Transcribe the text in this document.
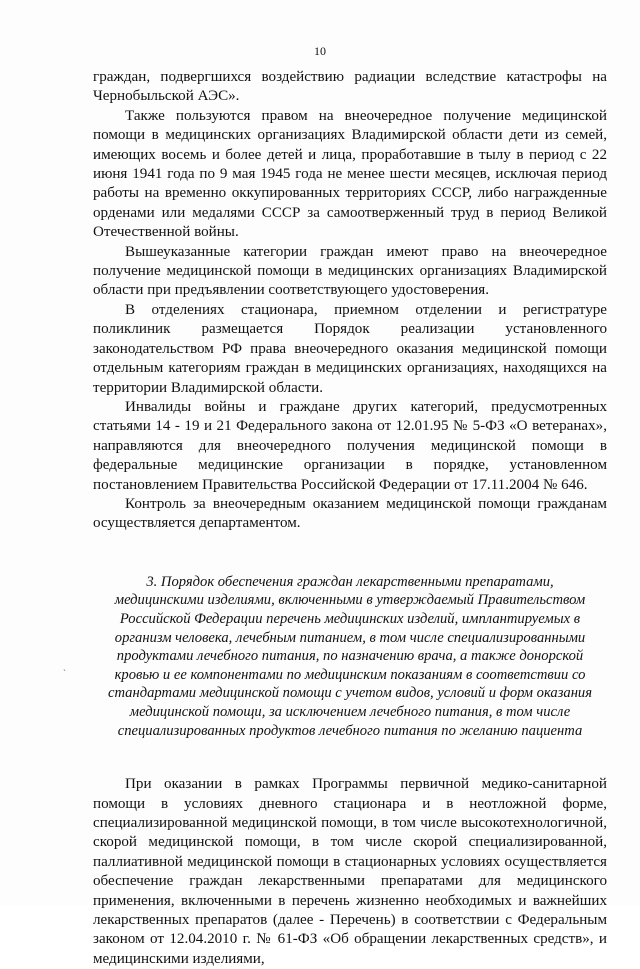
10
ˎ

граждан, подвергшихся воздействию радиации вследствие катастрофы на Чернобыльской АЭС».

Также пользуются правом на внеочередное получение медицинской помощи в медицинских организациях Владимирской области дети из семей, имеющих восемь и более детей и лица, проработавшие в тылу в период с 22 июня 1941 года по 9 мая 1945 года не менее шести месяцев, исключая период работы на временно оккупированных территориях СССР, либо награжденные орденами или медалями СССР за самоотверженный труд в период Великой Отечественной войны.

Вышеуказанные категории граждан имеют право на внеочередное получение медицинской помощи в медицинских организациях Владимирской области при предъявлении соответствующего удостоверения.

В отделениях стационара, приемном отделении и регистратуре поликлиник размещается Порядок реализации установленного законодательством РФ права внеочередного оказания медицинской помощи отдельным категориям граждан в медицинских организациях, находящихся на территории Владимирской области.

Инвалиды войны и граждане других категорий, предусмотренных статьями 14 - 19 и 21 Федерального закона от 12.01.95 № 5-ФЗ «О ветеранах», направляются для внеочередного получения медицинской помощи в федеральные медицинские организации в порядке, установленном постановлением Правительства Российской Федерации от 17.11.2004 № 646.

Контроль за внеочередным оказанием медицинской помощи гражданам осуществляется департаментом.

3. Порядок обеспечения граждан лекарственными препаратами, медицинскими изделиями, включенными в утверждаемый Правительством Российской Федерации перечень медицинских изделий, имплантируемых в организм человека, лечебным питанием, в том числе специализированными продуктами лечебного питания, по назначению врача, а также донорской кровью и ее компонентами по медицинским показаниям в соответствии со стандартами медицинской помощи с учетом видов, условий и форм оказания медицинской помощи, за исключением лечебного питания, в том числе специализированных продуктов лечебного питания по желанию пациента

При оказании в рамках Программы первичной медико-санитарной помощи в условиях дневного стационара и в неотложной форме, специализированной медицинской помощи, в том числе высокотехнологичной, скорой медицинской помощи, в том числе скорой специализированной, паллиативной медицинской помощи в стационарных условиях осуществляется обеспечение граждан лекарственными препаратами для медицинского применения, включенными в перечень жизненно необходимых и важнейших лекарственных препаратов (далее - Перечень) в соответствии с Федеральным законом от 12.04.2010 г. № 61-ФЗ «Об обращении лекарственных средств», и медицинскими изделиями,
